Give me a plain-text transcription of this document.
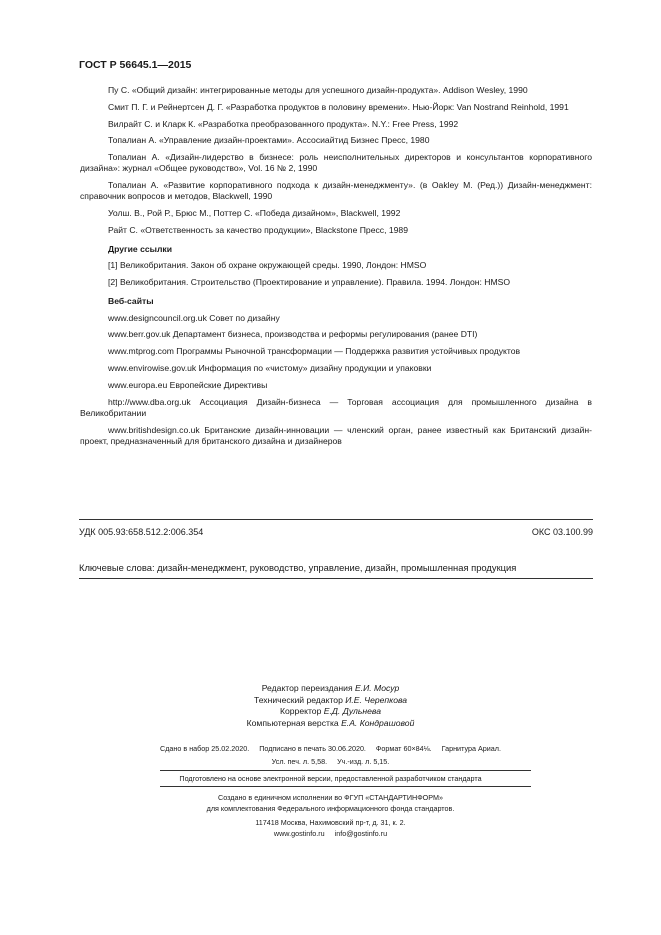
ГОСТ Р 56645.1—2015

Пу С. «Общий дизайн: интегрированные методы для успешного дизайн-продукта». Addison Wesley, 1990

Смит П. Г. и Рейнертсен Д. Г. «Разработка продуктов в половину времени». Нью-Йорк: Van Nostrand Reinhold, 1991

Вилрайт С. и Кларк К. «Разработка преобразованного продукта». N.Y.: Free Press, 1992

Топалиан А. «Управление дизайн-проектами». Ассосиайтид Бизнес Пресс, 1980

Топалиан А. «Дизайн-лидерство в бизнесе: роль неисполнительных директоров и консультантов корпоративного дизайна»: журнал «Общее руководство», Vol. 16 № 2, 1990

Топалиан А. «Развитие корпоративного подхода к дизайн-менеджменту». (в Oakley M. (Ред.)) Дизайн-менеджмент: справочник вопросов и методов, Blackwell, 1990

Уолш. В., Рой Р., Брюс М., Поттер С. «Победа дизайном», Blackwell, 1992

Райт С. «Ответственность за качество продукции», Blackstone Пресс, 1989

Другие ссылки

[1] Великобритания. Закон об охране окружающей среды. 1990, Лондон: HMSO

[2] Великобритания. Строительство (Проектирование и управление). Правила. 1994. Лондон: HMSO

Веб-сайты

www.designcouncil.org.uk Совет по дизайну

www.berr.gov.uk Департамент бизнеса, производства и реформы регулирования (ранее DTI)

www.mtprog.com Программы Рыночной трансформации — Поддержка развития устойчивых продуктов

www.envirowise.gov.uk Информация по «чистому» дизайну продукции и упаковки

www.europa.eu Европейские Директивы

http://www.dba.org.uk Ассоциация Дизайн-бизнеса — Торговая ассоциация для промышленного дизайна в Великобритании

www.britishdesign.co.uk Британские дизайн-инновации — членский орган, ранее известный как Британский дизайн-проект, предназначенный для британского дизайна и дизайнеров

УДК 005.93:658.512.2:006.354	ОКС 03.100.99
Ключевые слова: дизайн-менеджмент, руководство, управление, дизайн, промышленная продукция
Редактор переиздания Е.И. Мосур
Технический редактор И.Е. Черепкова
Корректор Е.Д. Дульнева
Компьютерная верстка Е.А. Кондрашовой
Сдано в набор 25.02.2020.     Подписано в печать 30.06.2020.     Формат 60×84⅛.     Гарнитура Ариал.
Усл. печ. л. 5,58.     Уч.-изд. л. 5,15.
Подготовлено на основе электронной версии, предоставленной разработчиком стандарта
Создано в единичном исполнении во ФГУП «СТАНДАРТИНФОРМ»
для комплектования Федерального информационного фонда стандартов.
117418 Москва, Нахимовский пр-т, д. 31, к. 2.
www.gostinfo.ru     info@gostinfo.ru
